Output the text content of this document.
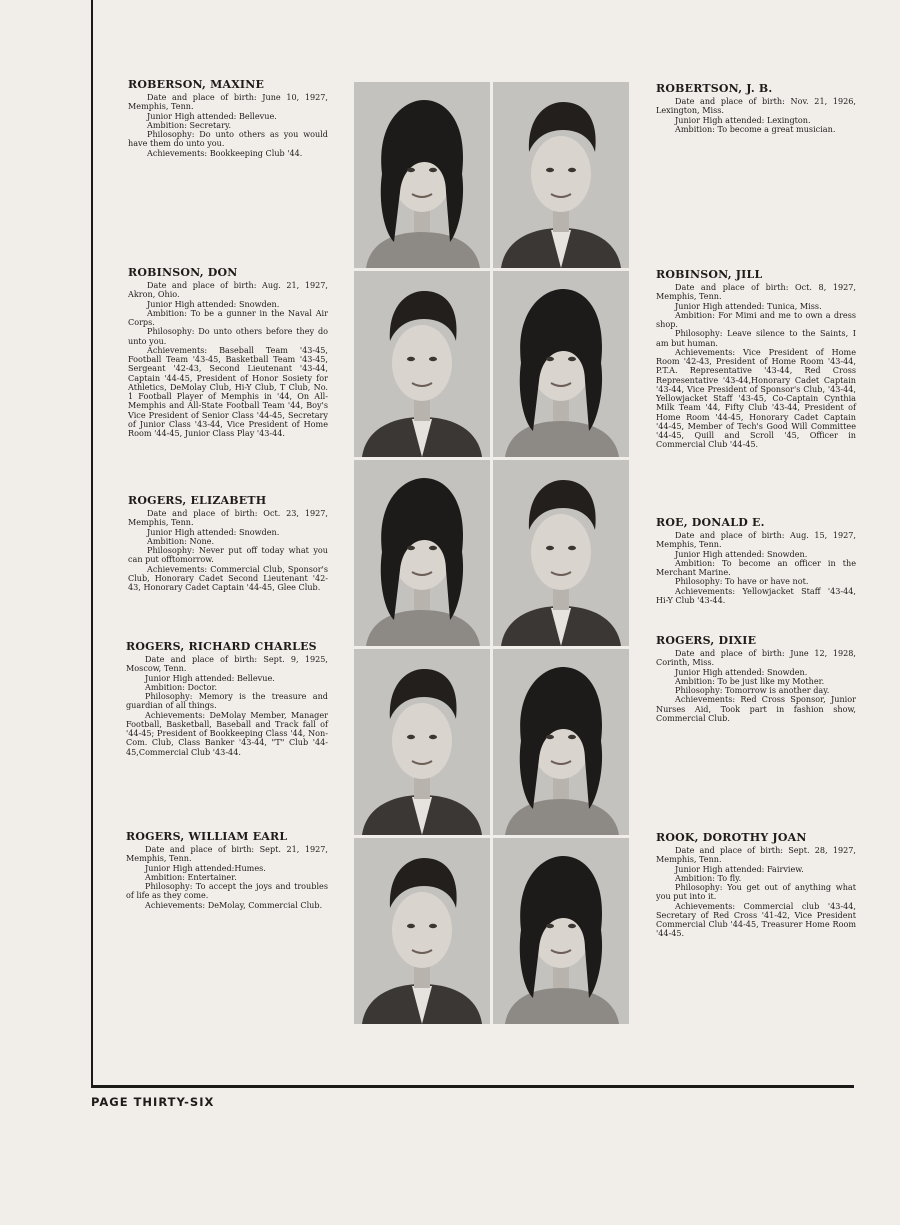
PAGE THIRTY-SIX
ROBERSON, MAXINE

Date and place of birth: June 10, 1927, Memphis, Tenn.

Junior High attended: Bellevue.

Ambition: Secretary.

Philosophy: Do unto others as you would have them do unto you.

Achievements: Bookkeeping Club '44.

ROBERTSON, J. B.

Date and place of birth: Nov. 21, 1926, Lexington, Miss.

Junior High attended: Lexington.

Ambition: To become a great musician.

ROBINSON, DON

Date and place of birth: Aug. 21, 1927, Akron, Ohio.

Junior High attended: Snowden.

Ambition: To be a gunner in the Naval Air Corps.

Philosophy: Do unto others before they do unto you.

Achievements: Baseball Team '43-45, Football Team '43-45, Basketball Team '43-45, Sergeant '42-43, Second Lieutenant '43-44, Captain '44-45, President of Honor Sosiety for Athletics, DeMolay Club, Hi-Y Club, T Club, No. 1 Football Player of Memphis in '44, On All-Memphis and All-State Football Team '44, Boy's Vice President of Senior Class '44-45, Secretary of Junior Class '43-44, Vice President of Home Room '44-45, Junior Class Play '43-44.

ROBINSON, JILL

Date and place of birth: Oct. 8, 1927, Memphis, Tenn.

Junior High attended: Tunica, Miss.

Ambition: For Mimi and me to own a dress shop.

Philosophy: Leave silence to the Saints, I am but human.

Achievements: Vice President of Home Room '42-43, President of Home Room '43-44, P.T.A. Representative '43-44, Red Cross Representative '43-44,Honorary Cadet Captain '43-44, Vice President of Sponsor's Club, '43-44, Yellowjacket Staff '43-45, Co-Captain Cynthia Milk Team '44, Fifty Club '43-44, President of Home Room '44-45, Honorary Cadet Captain '44-45, Member of Tech's Good Will Committee '44-45, Quill and Scroll '45, Officer in Commercial Club '44-45.

ROGERS, ELIZABETH

Date and place of birth: Oct. 23, 1927, Memphis, Tenn.

Junior High attended: Snowden.

Ambition: None.

Philosophy: Never put off today what you can put offtomorrow.

Achievements: Commercial Club, Sponsor's Club, Honorary Cadet Second Lieutenant '42-43, Honorary Cadet Captain '44-45, Glee Club.

ROE, DONALD E.

Date and place of birth: Aug. 15, 1927, Memphis, Tenn.

Junior High attended: Snowden.

Ambition: To become an officer in the Merchant Marine.

Philosophy: To have or have not.

Achievements: Yellowjacket Staff '43-44, Hi-Y Club '43-44.

ROGERS, RICHARD CHARLES

Date and place of birth: Sept. 9, 1925, Moscow, Tenn.

Junior High attended: Bellevue.

Ambition: Doctor.

Philosophy: Memory is the treasure and guardian of all things.

Achievements: DeMolay Member, Manager Football, Basketball, Baseball and Track fall of '44-45; President of Bookkeeping Class '44, Non-Com. Club, Class Banker '43-44, "T" Club '44-45,Commercial Club '43-44.

ROGERS, DIXIE

Date and place of birth: June 12, 1928, Corinth, Miss.

Junior High attended: Snowden.

Ambition: To be just like my Mother.

Philosophy: Tomorrow is another day.

Achievements: Red Cross Sponsor, Junior Nurses Aid, Took part in fashion show, Commercial Club.

ROGERS, WILLIAM EARL

Date and place of birth: Sept. 21, 1927, Memphis, Tenn.

Junior High attended:Humes.

Ambition: Entertainer.

Philosophy: To accept the joys and troubles of life as they come.

Achievements: DeMolay, Commercial Club.

ROOK, DOROTHY JOAN

Date and place of birth: Sept. 28, 1927, Memphis, Tenn.

Junior High attended: Fairview.

Ambition: To fly.

Philosophy: You get out of anything what you put into it.

Achievements: Commercial club '43-44, Secretary of Red Cross '41-42, Vice President Commercial Club '44-45, Treasurer Home Room '44-45.
